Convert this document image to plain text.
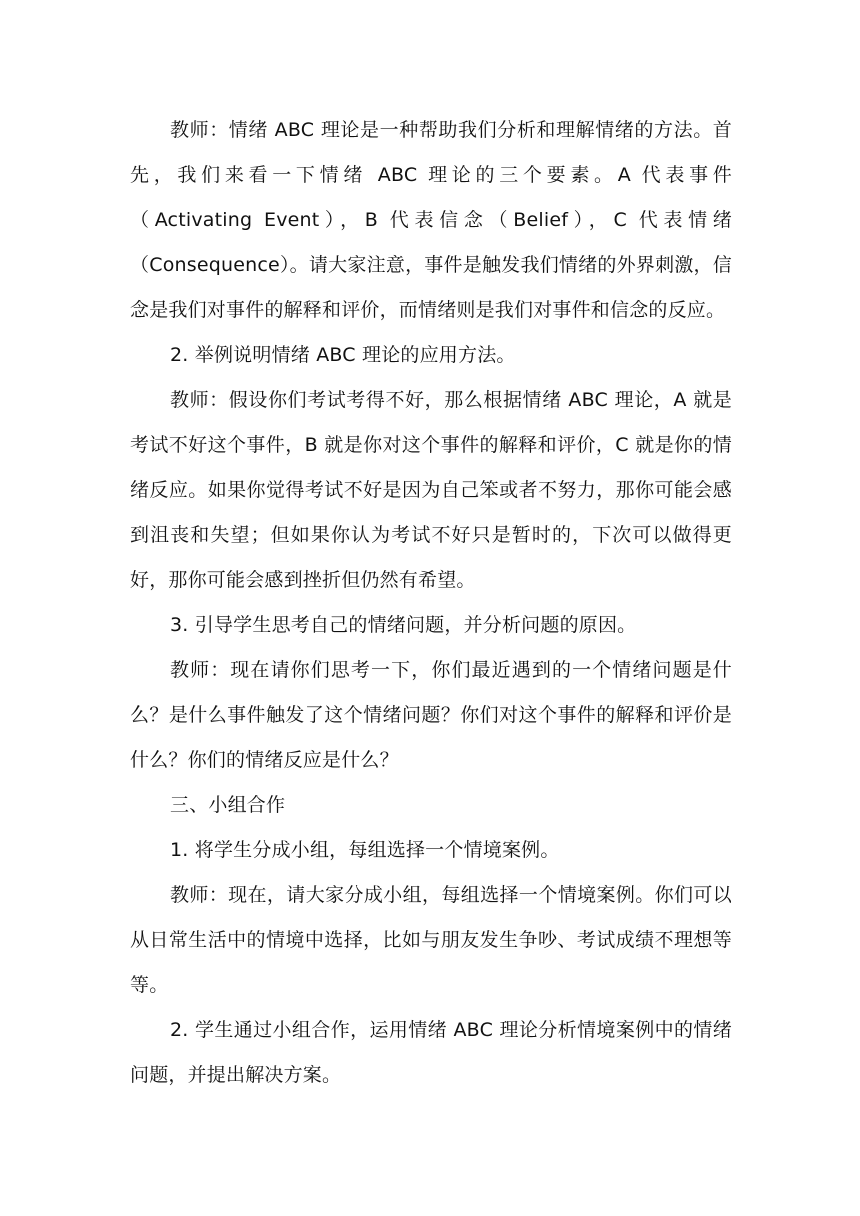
教师：情绪 ABC 理论是一种帮助我们分析和理解情绪的方法。首先，我们来看一下情绪 ABC 理论的三个要素。A 代表事件（Activating Event），B 代表信念（Belief），C 代表情绪（Consequence）。请大家注意，事件是触发我们情绪的外界刺激，信念是我们对事件的解释和评价，而情绪则是我们对事件和信念的反应。

2. 举例说明情绪 ABC 理论的应用方法。

教师：假设你们考试考得不好，那么根据情绪 ABC 理论，A 就是考试不好这个事件，B 就是你对这个事件的解释和评价，C 就是你的情绪反应。如果你觉得考试不好是因为自己笨或者不努力，那你可能会感到沮丧和失望；但如果你认为考试不好只是暂时的，下次可以做得更好，那你可能会感到挫折但仍然有希望。

3. 引导学生思考自己的情绪问题，并分析问题的原因。

教师：现在请你们思考一下，你们最近遇到的一个情绪问题是什么？是什么事件触发了这个情绪问题？你们对这个事件的解释和评价是什么？你们的情绪反应是什么？

三、小组合作

1. 将学生分成小组，每组选择一个情境案例。

教师：现在，请大家分成小组，每组选择一个情境案例。你们可以从日常生活中的情境中选择，比如与朋友发生争吵、考试成绩不理想等等。

2. 学生通过小组合作，运用情绪 ABC 理论分析情境案例中的情绪问题，并提出解决方案。
